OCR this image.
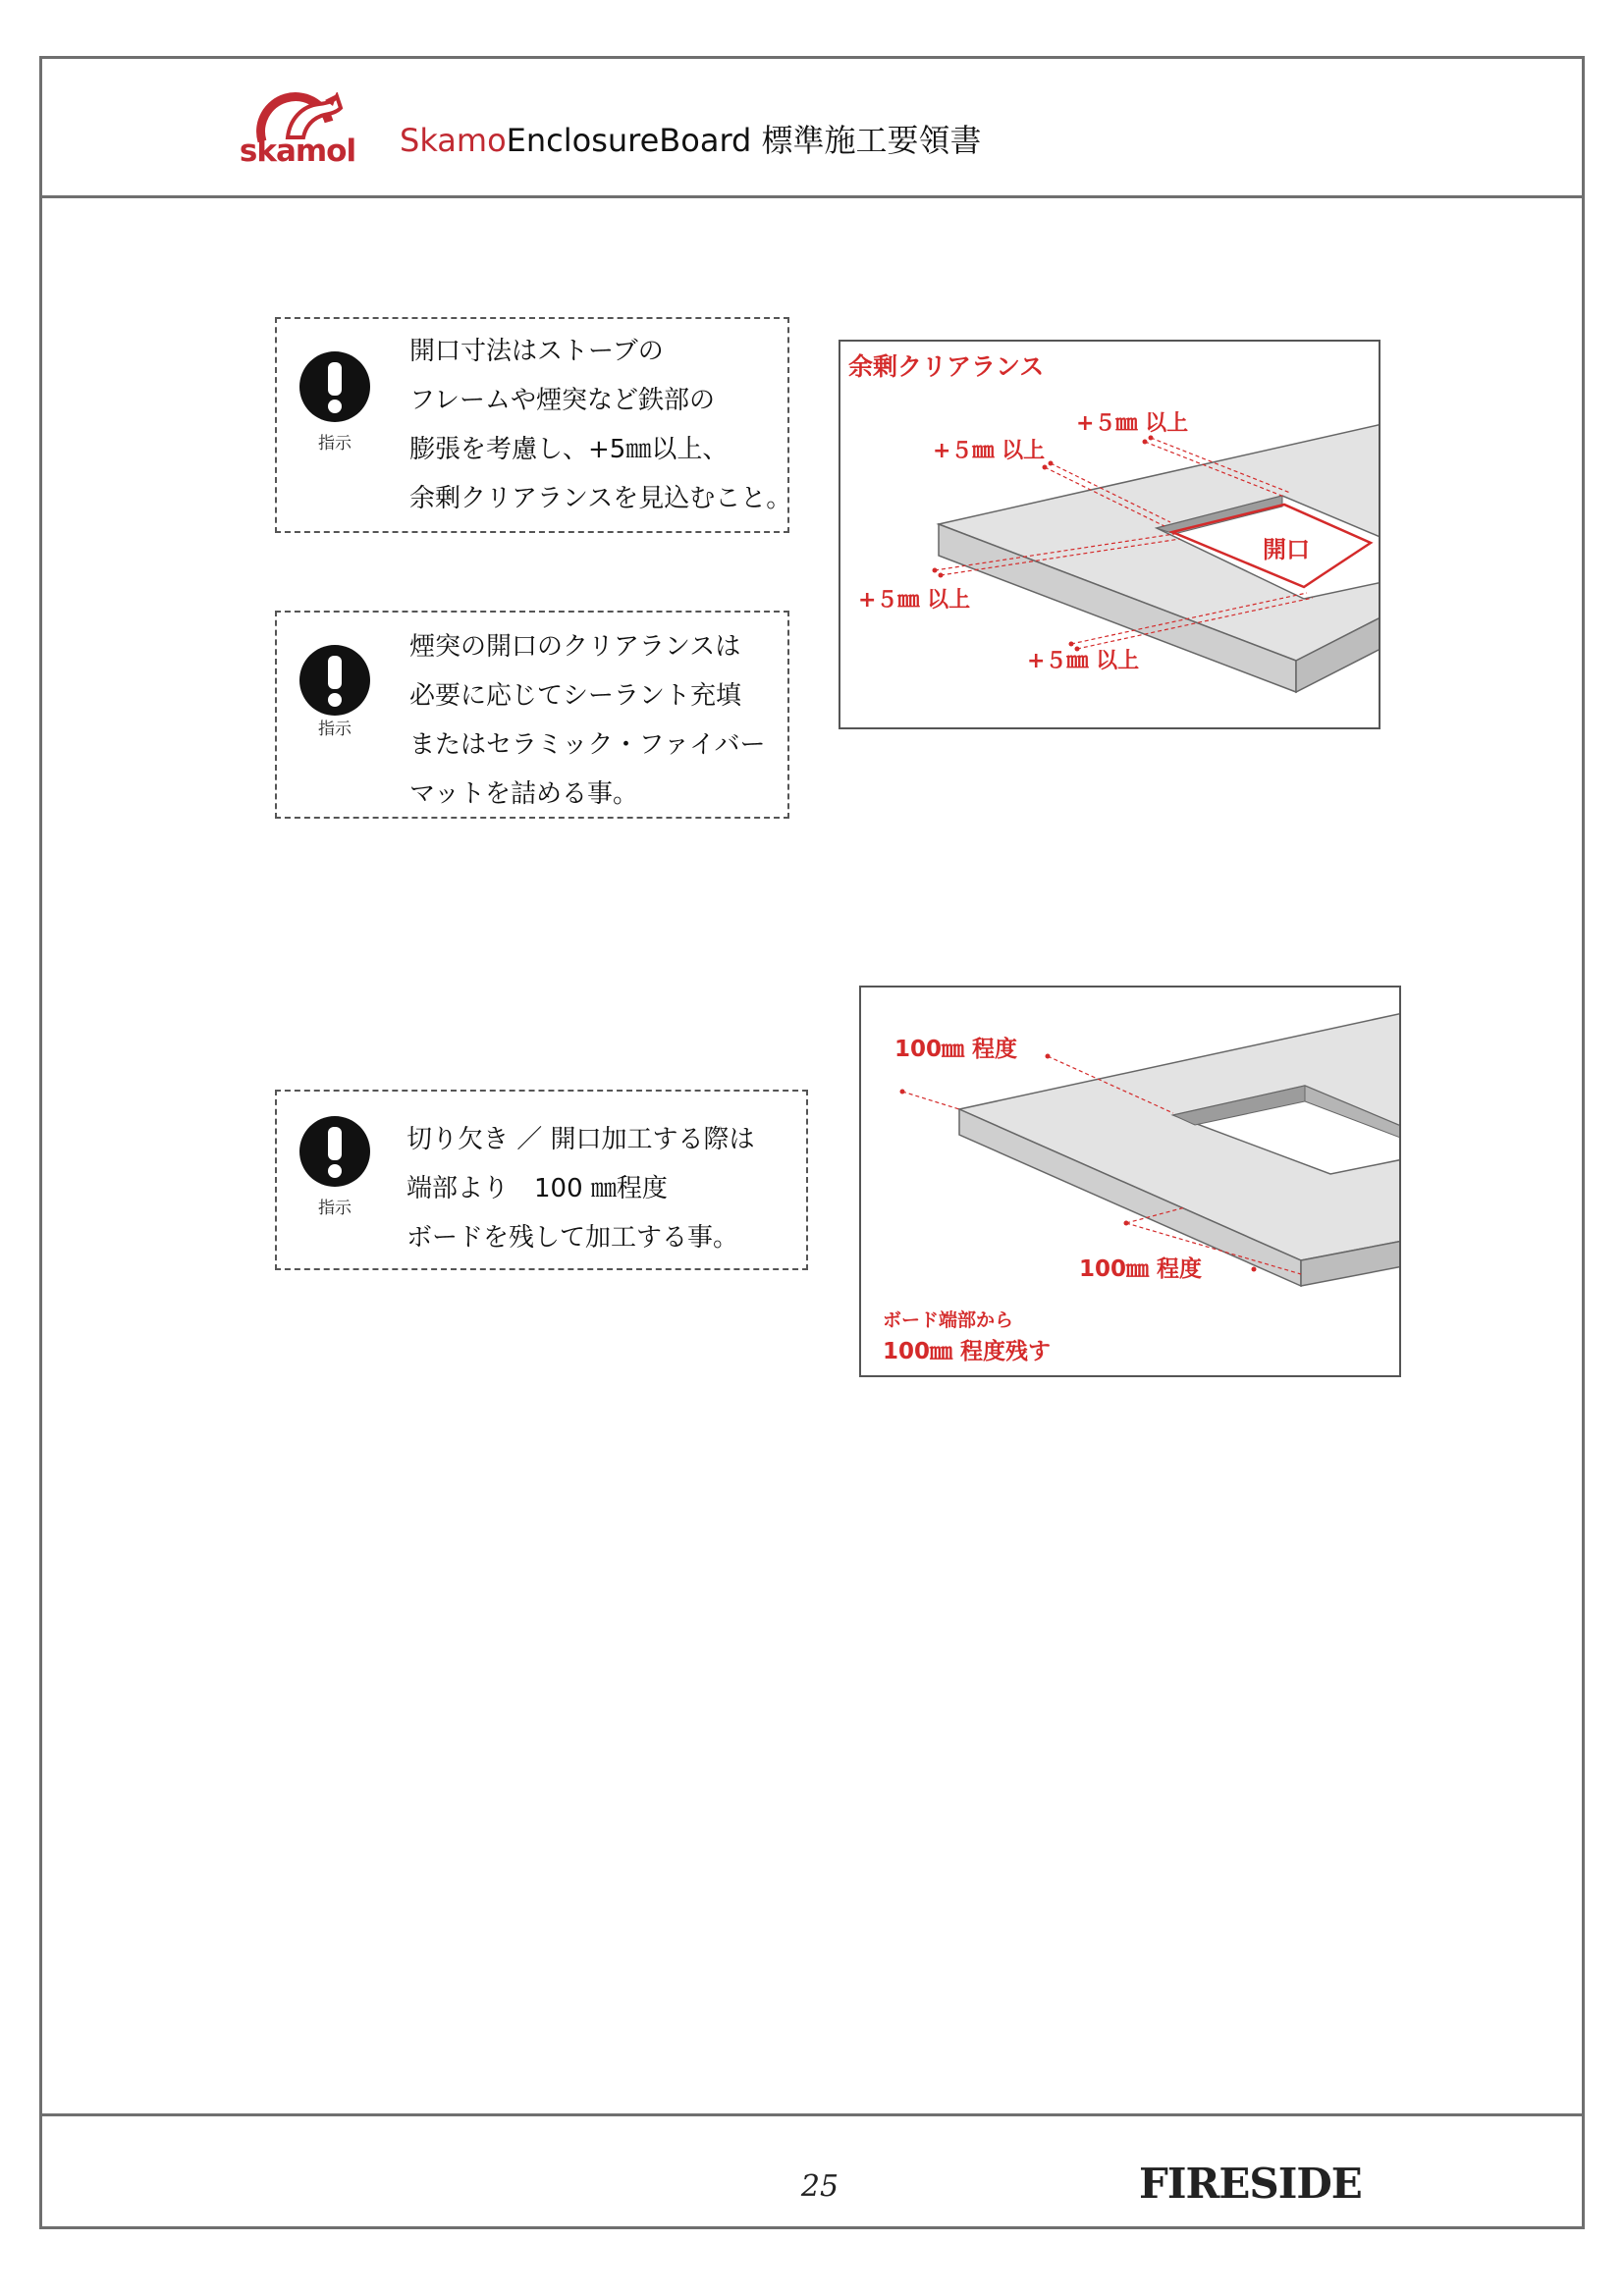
skamol SkamoEnclosureBoard 標準施工要領書
指示
開口寸法はストーブの
フレームや煙突など鉄部の
膨張を考慮し、+5㎜以上、
余剰クリアランスを見込むこと。
指示
煙突の開口のクリアランスは
必要に応じてシーラント充填
またはセラミック・ファイバー
マットを詰める事。
指示
切り欠き ／ 開口加工する際は
端部より　100 ㎜程度
ボードを残して加工する事。
余剰クリアランス
+５㎜ 以上
+５㎜ 以上
開口
+５㎜ 以上
+５㎜ 以上
100㎜ 程度
100㎜ 程度
ボード端部から
100㎜ 程度残す
25	FIRESIDE
